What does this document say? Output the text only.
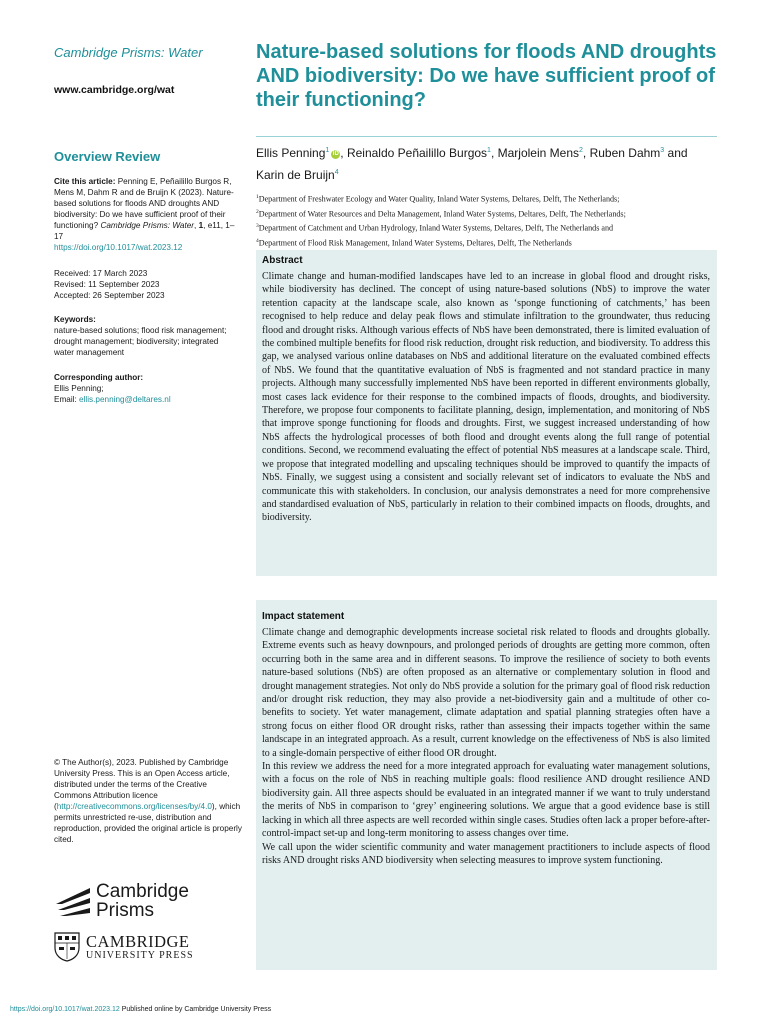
Cambridge Prisms: Water
www.cambridge.org/wat
Overview Review
Cite this article: Penning E, Peñailillo Burgos R, Mens M, Dahm R and de Bruijn K (2023). Nature-based solutions for floods AND droughts AND biodiversity: Do we have sufficient proof of their functioning? Cambridge Prisms: Water, 1, e11, 1–17
https://doi.org/10.1017/wat.2023.12
Received: 17 March 2023
Revised: 11 September 2023
Accepted: 26 September 2023
Keywords:
nature-based solutions; flood risk management; drought management; biodiversity; integrated water management
Corresponding author:
Ellis Penning;
Email: ellis.penning@deltares.nl
© The Author(s), 2023. Published by Cambridge University Press. This is an Open Access article, distributed under the terms of the Creative Commons Attribution licence (http://creativecommons.org/licenses/by/4.0), which permits unrestricted re-use, distribution and reproduction, provided the original article is properly cited.
Cambridge
Prisms
CAMBRIDGE
UNIVERSITY PRESS
Nature-based solutions for floods AND droughts AND biodiversity: Do we have sufficient proof of their functioning?
Ellis Penning$^1$ iD , Reinaldo Peñailillo Burgos$^1$, Marjolein Mens$^2$, Ruben Dahm$^3$ and Karin de Bruijn$^4$
$^1$Department of Freshwater Ecology and Water Quality, Inland Water Systems, Deltares, Delft, The Netherlands;
$^2$Department of Water Resources and Delta Management, Inland Water Systems, Deltares, Delft, The Netherlands;
$^3$Department of Catchment and Urban Hydrology, Inland Water Systems, Deltares, Delft, The Netherlands and
$^4$Department of Flood Risk Management, Inland Water Systems, Deltares, Delft, The Netherlands
Abstract

Climate change and human-modified landscapes have led to an increase in global flood and drought risks, while biodiversity has declined. The concept of using nature-based solutions (NbS) to improve the water retention capacity at the landscape scale, also known as ‘sponge functioning of catchments,’ has been recognised to help reduce and delay peak flows and stimulate infiltration to the groundwater, thus reducing flood and drought risks. Although various effects of NbS have been demonstrated, there is limited evaluation of the combined multiple benefits for flood risk reduction, drought risk reduction, and biodiversity. To address this gap, we analysed various online databases on NbS and additional literature on the evaluated combined effects of NbS. We found that the quantitative evaluation of NbS is fragmented and not standard practice in many projects. Although many successfully implemented NbS have been reported in different environments globally, most cases lack evidence for their response to the combined impacts of floods, droughts, and biodiversity. Therefore, we propose four components to facilitate planning, design, implementation, and monitoring of NbS that improve sponge functioning for floods and droughts. First, we suggest increased understanding of how NbS affects the hydrological processes of both flood and drought events along the full range of potential conditions. Second, we recommend evaluating the effect of potential NbS measures at a landscape scale. Third, we propose that integrated modelling and upscaling techniques should be improved to quantify the impacts of NbS. Finally, we suggest using a consistent and socially relevant set of indicators to evaluate the NbS and communicate this with stakeholders. In conclusion, our analysis demonstrates a need for more comprehensive and standardised evaluation of NbS, particularly in relation to their combined impacts on floods, droughts, and biodiversity.

Impact statement

Climate change and demographic developments increase societal risk related to floods and droughts globally. Extreme events such as heavy downpours, and prolonged periods of droughts are getting more common, often occurring both in the same area and in different seasons. To improve the resilience of society to both events nature-based solutions (NbS) are often proposed as an alternative or complementary solution in flood and drought management strategies. Not only do NbS provide a solution for the primary goal of flood risk reduction and/or drought risk reduction, they may also provide a net-biodiversity gain and a multitude of other co-benefits to society. Yet water management, climate adaptation and spatial planning strategies often have a strong focus on either flood OR drought risks, rather than assessing their impacts together within the same landscape in an integrated approach. As a result, current knowledge on the effectiveness of NbS is also limited to a single-domain perspective of either flood OR drought.

In this review we address the need for a more integrated approach for evaluating water management solutions, with a focus on the role of NbS in reaching multiple goals: flood resilience AND drought resilience AND biodiversity gain. All three aspects should be evaluated in an integrated manner if we want to truly understand the merits of NbS in comparison to ‘grey’ engineering solutions. We argue that a good evidence base is still lacking in which all three aspects are well recorded within single cases. Studies often lack a proper before-after-control-impact set-up and long-term monitoring to assess changes over time.

We call upon the wider scientific community and water management practitioners to include aspects of flood risks AND drought risks AND biodiversity when selecting measures to improve system functioning.

https://doi.org/10.1017/wat.2023.12 Published online by Cambridge University Press
